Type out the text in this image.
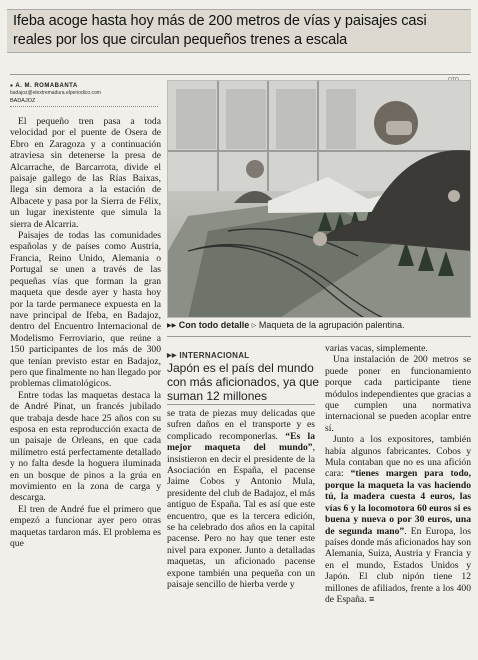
Ifeba acoge hasta hoy más de 200 metros de vías y paisajes casi reales por los que circulan pequeños trenes a escala
▪ A. M. ROMABANTA
badajoz@elextremadura.elperiodico.com
BADAJOZ

El pequeño tren pasa a toda velocidad por el puente de Osera de Ebro en Zaragoza y a continuación atraviesa sin detenerse la presa de Alcarrache, de Barcarrota, divide el paisaje gallego de las Rías Baixas, llega sin demora a la estación de Albacete y pasa por la Sierra de Félix, un lugar inexistente que simula la sierra de Alcarria.

Paisajes de todas las comunidades españolas y de países como Austria, Francia, Reino Unido, Alemania o Portugal se unen a través de las pequeñas vías que forman la gran maqueta que desde ayer y hasta hoy por la tarde permanece expuesta en la nave principal de Ifeba, en Badajoz, dentro del Encuentro Internacional de Modelismo Ferroviario, que reúne a 150 participantes de los más de 300 que tenían previsto estar en Badajoz, pero que finalmente no han llegado por problemas climatológicos.

Entre todas las maquetas destaca la de André Pinat, un francés jubilado que trabaja desde hace 25 años con su esposa en esta reproducción exacta de un paisaje de Orleans, en que cada milímetro está perfectamente detallado y no falta desde la hoguera iluminada en un bosque de pinos a la grúa en movimiento en la zona de carga y descarga.

El tren de André fue el primero que empezó a funcionar ayer pero otras maquetas tardaron más. El problema es que

▶▶ Con todo detalle ▷ Maqueta de la agrupación palentina.
▶▶ INTERNACIONAL
Japón es el país del mundo con más aficionados, ya que suman 12 millones

se trata de piezas muy delicadas que sufren daños en el transporte y es complicado recomponerlas. “Es la mejor maqueta del mundo”, insistieron en decir el presidente de la Asociación en España, el pacense Jaime Cobos y Antonio Mula, presidente del club de Badajoz, el más antiguo de España. Tal es así que este encuentro, que es la tercera edición, se ha celebrado dos años en la capital pacense. Pero no hay que tener este nivel para exponer. Junto a detalladas maquetas, un aficionado pacense expone también una pequeña con un paisaje sencillo de hierba verde y

varias vacas, simplemente.

Una instalación de 200 metros se puede poner en funcionamiento porque cada participante tiene módulos independientes que gracias a que cumplen una normativa internacional se pueden acoplar entre sí.

Junto a los expositores, también había algunos fabricantes. Cobos y Mula contaban que no es una afición cara: “tienes margen para todo, porque la maqueta la vas haciendo tú, la madera cuesta 4 euros, las vías 6 y la locomotora 60 euros si es buena y nueva o por 30 euros, una de segunda mano”. En Europa, los países donde más aficionados hay son Alemania, Suiza, Austria y Francia y en el mundo, Estados Unidos y Japón. El club nipón tiene 12 millones de afiliados, frente a los 400 de España. ≡
